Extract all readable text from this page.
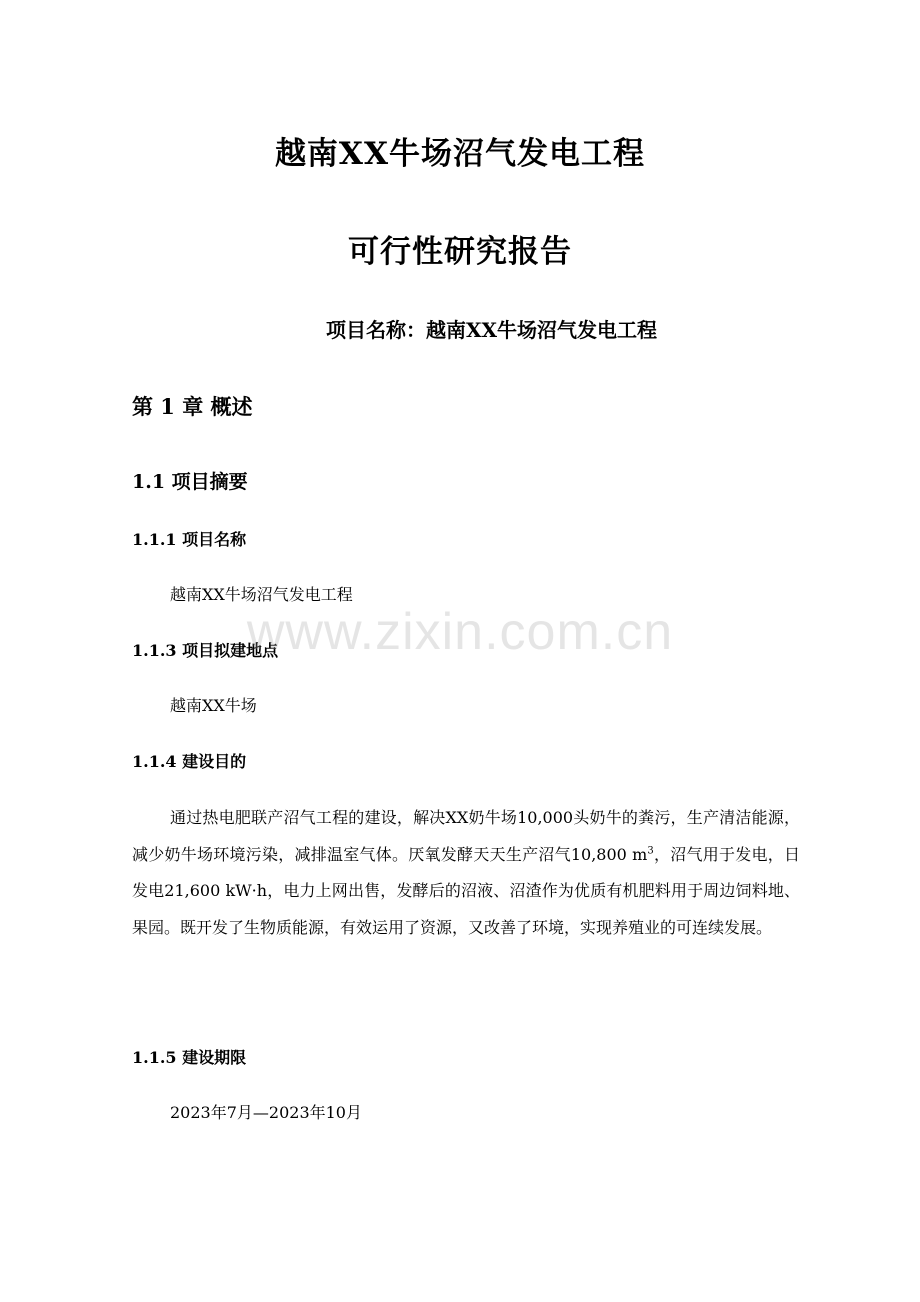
越南XX牛场沼气发电工程
可行性研究报告
项目名称：越南XX牛场沼气发电工程
第 1 章 概述
1.1 项目摘要
1.1.1 项目名称
越南XX牛场沼气发电工程
1.1.3 项目拟建地点
越南XX牛场
1.1.4 建设目的

通过热电肥联产沼气工程的建设，解决XX奶牛场10,000头奶牛的粪污，生产清洁能源，减少奶牛场环境污染，减排温室气体。厌氧发酵天天生产沼气10,800 $m^3$，沼气用于发电，日发电21,600 kW·h，电力上网出售，发酵后的沼液、沼渣作为优质有机肥料用于周边饲料地、果园。既开发了生物质能源，有效运用了资源，又改善了环境，实现养殖业的可连续发展。

1.1.5 建设期限
2023年7月—2023年10月
www.zixin.com.cn
